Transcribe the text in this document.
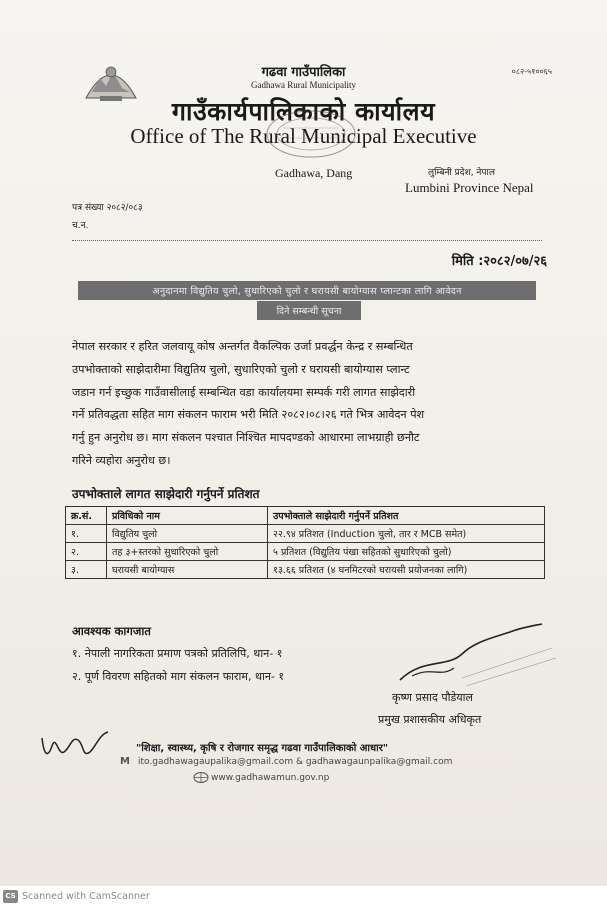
गढवा गाउँपालिका
Gadhawa Rural Municipality
०८२-५१००६५
गाउँकार्यपालिकाको कार्यालय
Office of The Rural Municipal Executive
Gadhawa, Dang	लुम्बिनी प्रदेश, नेपाल
Lumbini Province Nepal
पत्र संख्या २०८२/०८३
च.न.
मिति :२०८२/०७/२६
अनुदानमा विद्युतिय चुलो, सुधारिएको चुलो र घरायसी बायोग्यास प्लान्टका लागि आवेदन
दिने सम्बन्धी सूचना
नेपाल सरकार र हरित जलवायू कोष अन्तर्गत वैकल्पिक उर्जा प्रवर्द्धन केन्द्र र सम्बन्धित
उपभोक्ताको साझेदारीमा विद्युतिय चुलो, सुधारिएको चुलो र घरायसी बायोग्यास प्लान्ट
जडान गर्न इच्छुक गाउँवासीलाई सम्बन्धित वडा कार्यालयमा सम्पर्क गरी लागत साझेदारी
गर्ने प्रतिवद्धता सहित माग संकलन फाराम भरी मिति २०८२।०८।२६ गते भित्र आवेदन पेश
गर्नु हुन अनुरोध छ। माग संकलन पश्चात निश्चित मापदण्डको आधारमा लाभग्राही छनौट
गरिने व्यहोरा अनुरोध छ।
उपभोक्ताले लागत साझेदारी गर्नुपर्ने प्रतिशत
क्र.सं.	प्रविधिको नाम	उपभोक्ताले साझेदारी गर्नुपर्ने प्रतिशत
१.	विद्युतिय चुलो	२२.९४ प्रतिशत (Induction चुलो, तार र MCB समेत)
२.	तह ३+स्तरको सुधारिएको चुलो	५ प्रतिशत (विद्युतिय पंखा सहितको सुधारिएको चुलो)
३.	घरायसी बायोग्यास	१३.६६ प्रतिशत (४ घनमिटरको घरायसी प्रयोजनका लागि)
आवश्यक कागजात
१. नेपाली नागरिकता प्रमाण पत्रको प्रतिलिपि, थान- १
२. पूर्ण विवरण सहितको माग संकलन फाराम, थान- १
कृष्ण प्रसाद पौडेयाल
प्रमुख प्रशासकीय अधिकृत
"शिक्षा, स्वास्थ्य, कृषि र रोजगार समृद्ध गढवा गाउँपालिकाको आधार"
M ito.gadhawagaupalika@gmail.com & gadhawagaunpalika@gmail.com
www.gadhawamun.gov.np
CS Scanned with CamScanner
